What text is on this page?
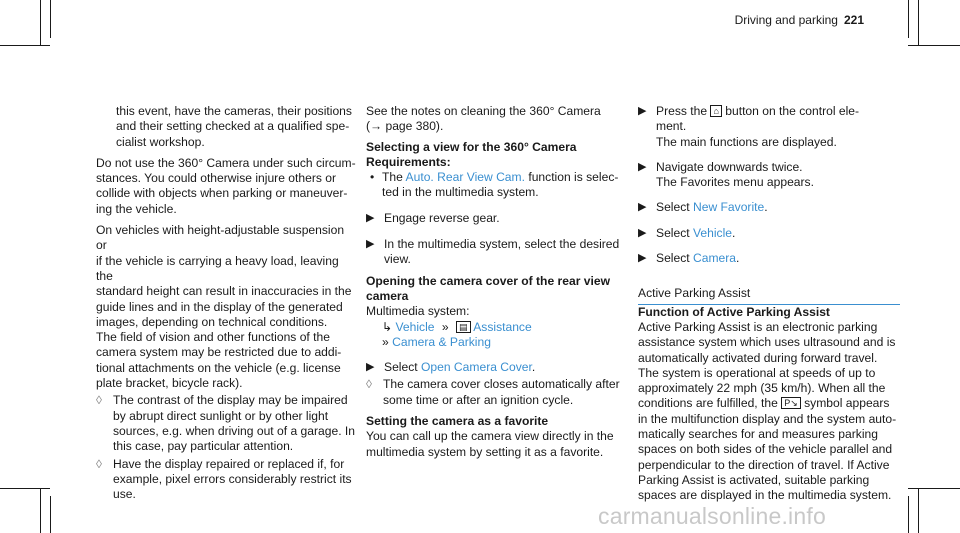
Driving and parking 221

this event, have the cameras, their positions

and their setting checked at a qualified spe-

cialist workshop.

Do not use the 360° Camera under such circum-

stances. You could otherwise injure others or

collide with objects when parking or maneuver-

ing the vehicle.

On vehicles with height-adjustable suspension or

if the vehicle is carrying a heavy load, leaving the

standard height can result in inaccuracies in the

guide lines and in the display of the generated

images, depending on technical conditions.

The field of vision and other functions of the

camera system may be restricted due to addi-

tional attachments on the vehicle (e.g. license

plate bracket, bicycle rack).

◊ The contrast of the display may be impaired

by abrupt direct sunlight or by other light

sources, e.g. when driving out of a garage. In

this case, pay particular attention.

◊ Have the display repaired or replaced if, for

example, pixel errors considerably restrict its

use.

See the notes on cleaning the 360° Camera

(→ page 380).

Selecting a view for the 360° Camera

Requirements:

• The Auto. Rear View Cam. function is selec-

ted in the multimedia system.

▶ Engage reverse gear.

▶ In the multimedia system, select the desired

view.

Opening the camera cover of the rear view

camera

Multimedia system:

↳ Vehicle » ▤ Assistance

» Camera & Parking

▶ Select Open Camera Cover.

◊ The camera cover closes automatically after

some time or after an ignition cycle.

Setting the camera as a favorite

You can call up the camera view directly in the

multimedia system by setting it as a favorite.

▶ Press the ⌂ button on the control ele-

ment.

The main functions are displayed.

▶ Navigate downwards twice.

The Favorites menu appears.

▶ Select New Favorite.

▶ Select Vehicle.

▶ Select Camera.

Active Parking Assist

Function of Active Parking Assist

Active Parking Assist is an electronic parking

assistance system which uses ultrasound and is

automatically activated during forward travel.

The system is operational at speeds of up to

approximately 22 mph (35 km/h). When all the

conditions are fulfilled, the P↘ symbol appears

in the multifunction display and the system auto-

matically searches for and measures parking

spaces on both sides of the vehicle parallel and

perpendicular to the direction of travel. If Active

Parking Assist is activated, suitable parking

spaces are displayed in the multimedia system.

carmanualsonline.info
